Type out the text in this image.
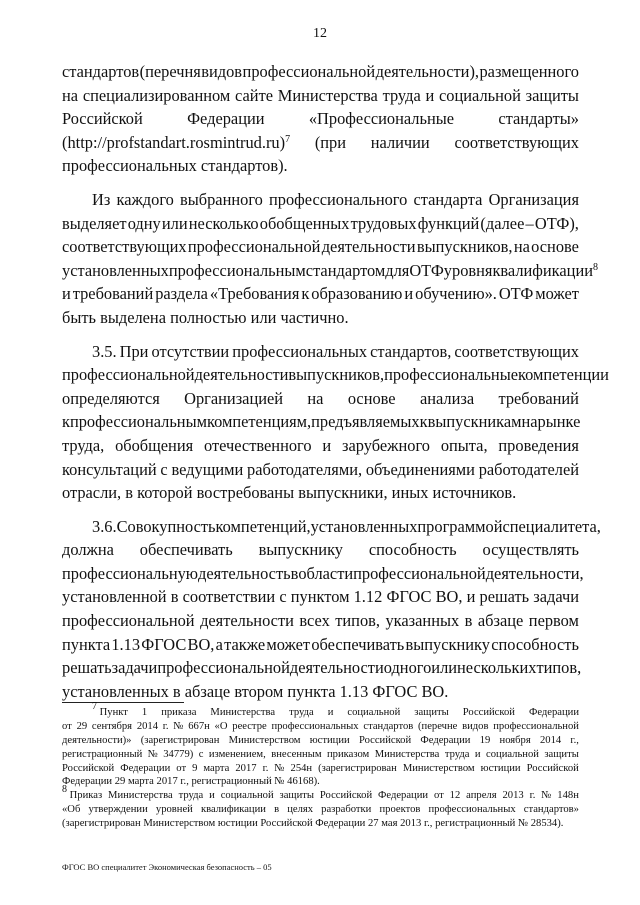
12
стандартов (перечня видов профессиональной деятельности), размещенного
на специализированном сайте Министерства труда и социальной защиты
Российской	Федерации	«Профессиональные	стандарты»
(http://profstandart.rosmintrud.ru)$^7$ (при наличии соответствующих
профессиональных стандартов).
Из каждого выбранного профессионального стандарта Организация
выделяет одну или несколько обобщенных трудовых функций (далее – ОТФ),
соответствующих профессиональной деятельности выпускников, на основе
установленных профессиональным стандартом для ОТФ уровня квалификации$^8$
и требований раздела «Требования к образованию и обучению». ОТФ может
быть выделена полностью или частично.
3.5. При отсутствии профессиональных стандартов, соответствующих
профессиональной деятельности выпускников, профессиональные компетенции
определяются Организацией на основе анализа требований
к профессиональным компетенциям, предъявляемых к выпускникам на рынке
труда, обобщения отечественного и зарубежного опыта, проведения
консультаций с ведущими работодателями, объединениями работодателей
отрасли, в которой востребованы выпускники, иных источников.
3.6. Совокупность компетенций, установленных программой специалитета,
должна обеспечивать выпускнику способность осуществлять
профессиональную деятельность в области профессиональной деятельности,
установленной в соответствии с пунктом 1.12 ФГОС ВО, и решать задачи
профессиональной деятельности всех типов, указанных в абзаце первом
пункта 1.13 ФГОС ВО, а также может обеспечивать выпускнику способность
решать задачи профессиональной деятельности одного или нескольких типов,
установленных в абзаце втором пункта 1.13 ФГОС ВО.
$^7$ Пункт 1 приказа Министерства труда и социальной защиты Российской Федерации
от 29 сентября 2014 г. № 667н «О реестре профессиональных стандартов (перечне видов профессиональной
деятельности)» (зарегистрирован Министерством юстиции Российской Федерации 19 ноября 2014 г.,
регистрационный № 34779) с изменением, внесенным приказом Министерства труда и социальной защиты
Российской Федерации от 9 марта 2017 г. № 254н (зарегистрирован Министерством юстиции Российской
Федерации 29 марта 2017 г., регистрационный № 46168).
$^8$ Приказ Министерства труда и социальной защиты Российской Федерации от 12 апреля 2013 г. № 148н
«Об утверждении уровней квалификации в целях разработки проектов профессиональных стандартов»
(зарегистрирован Министерством юстиции Российской Федерации 27 мая 2013 г., регистрационный № 28534).
ФГОС ВО специалитет Экономическая безопасность – 05
